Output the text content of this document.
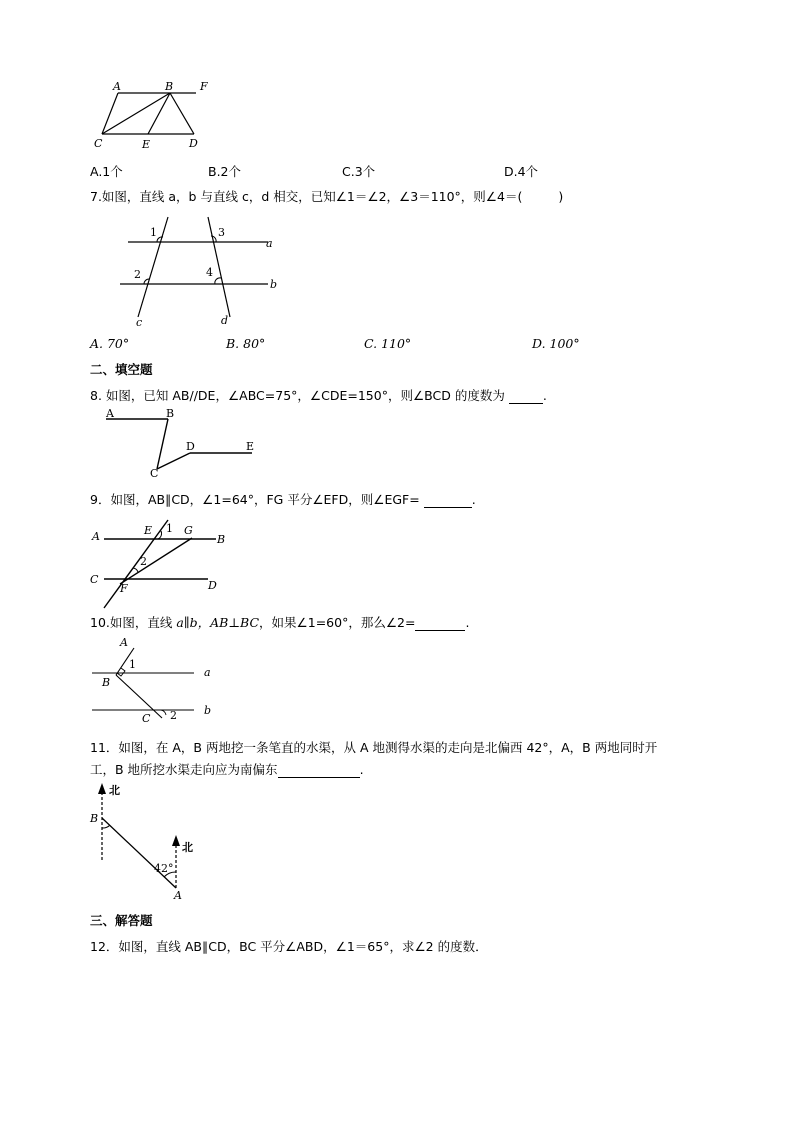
A	B F
C	E	D
A.1个	B.2个	C.3个	D.4个
7.如图，直线 a，b 与直线 c，d 相交，已知∠1＝∠2，∠3＝110°，则∠4＝(	)
1	3
a
2	4
b
c	d
A. 70°	B. 80°	C. 110°	D. 100°
二、填空题
8. 如图，已知 AB//DE，∠ABC=75°，∠CDE=150°，则∠BCD 的度数为	.
A	B
C
D	E
9．如图，AB∥CD，∠1=64°，FG 平分∠EFD，则∠EGF=	.
A	E 1 G
B
2
C
F	D
10.如图，直线 a∥b，AB⊥BC，如果∠1=60°，那么∠2=	.
A
1
a
B
C 2 b
11．如图，在 A，B 两地挖一条笔直的水渠，从 A 地测得水渠的走向是北偏西 42°，A，B 两地同时开
工，B 地所挖水渠走向应为南偏东	.
北
B
北
42°
A
三、解答题
12．如图，直线 AB∥CD，BC 平分∠ABD，∠1＝65°，求∠2 的度数．
